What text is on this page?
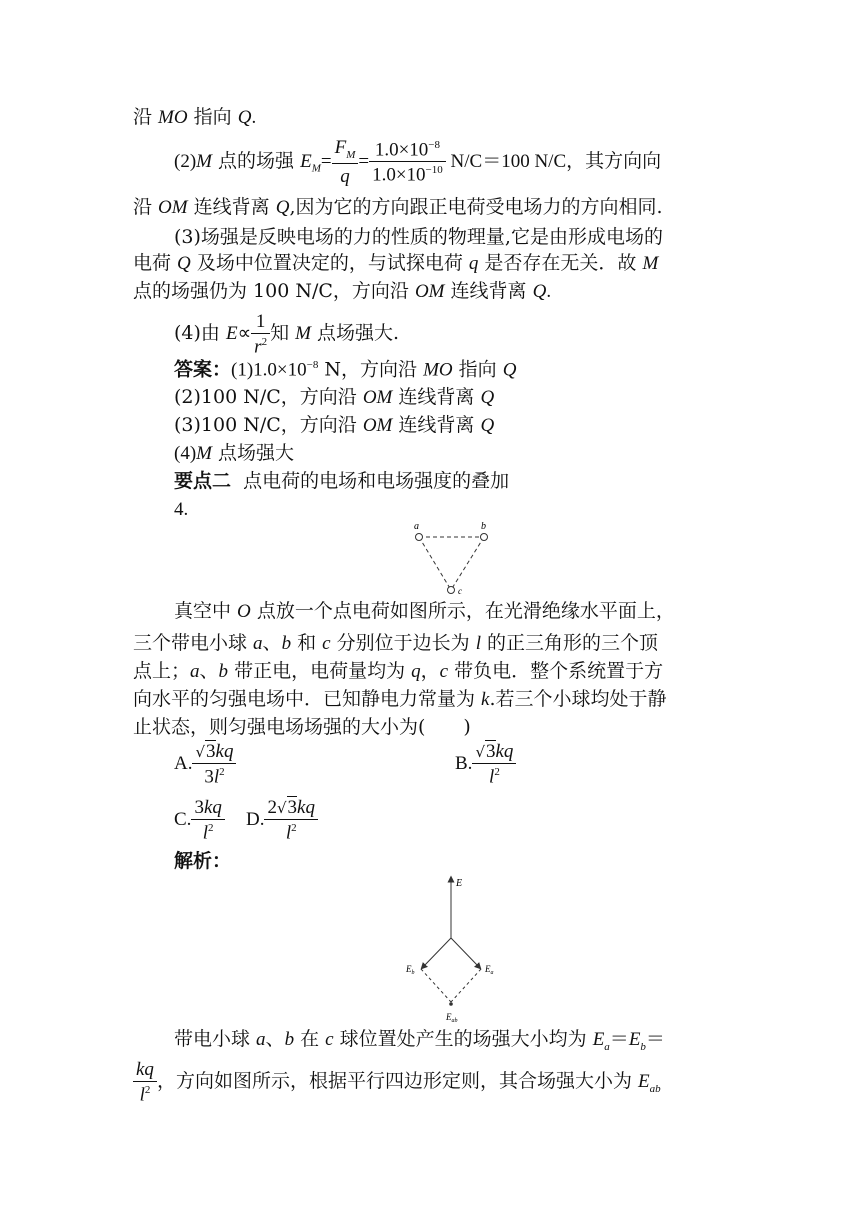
沿 MO 指向 Q.
(2)M 点的场强 $E_M= \frac{F_M}{q} = \frac{1.0\times 10^{-8}}{1.0\times 10^{-10}} N/C=100$ N/C，其方向向
沿 OM 连线背离 Q,因为它的方向跟正电荷受电场力的方向相同.
(3)场强是反映电场的力的性质的物理量,它是由形成电场的
电荷 Q 及场中位置决定的，与试探电荷 q 是否存在无关．故 M
点的场强仍为 100 N/C，方向沿 OM 连线背离 Q.
(4)由 $E\propto \frac{1}{r^2}$ 知 M 点场强大.
答案：$(1)1.0\times 10^{-8}$ N，方向沿 MO 指向 Q
(2)100 N/C，方向沿 OM 连线背离 Q
(3)100 N/C，方向沿 OM 连线背离 Q
(4)M 点场强大
要点二 点电荷的电场和电场强度的叠加
4.
a	b
c
真空中 O 点放一个点电荷如图所示，在光滑绝缘水平面上，
三个带电小球 a、b 和 c 分别位于边长为 l 的正三角形的三个顶
点上；a、b 带正电，电荷量均为 q，c 带负电．整个系统置于方
向水平的匀强电场中．已知静电力常量为 k.若三个小球均处于静
止状态，则匀强电场场强的大小为(　　)
A. $\frac{√3kq}{3l^2}$	B. $\frac{√3kq}{l^2}$
C. $\frac{3kq}{l^2} D$. $\frac{2√3kq}{l^2}$
解析：
E
$E_b$	$E_a$
$E_{ab}$
带电小球 a、b 在 c 球位置处产生的场强大小均为 $E_a=E_b=$
$\frac{kq}{l^2}$ ，方向如图所示，根据平行四边形定则，其合场强大小为 $E_{ab}$
